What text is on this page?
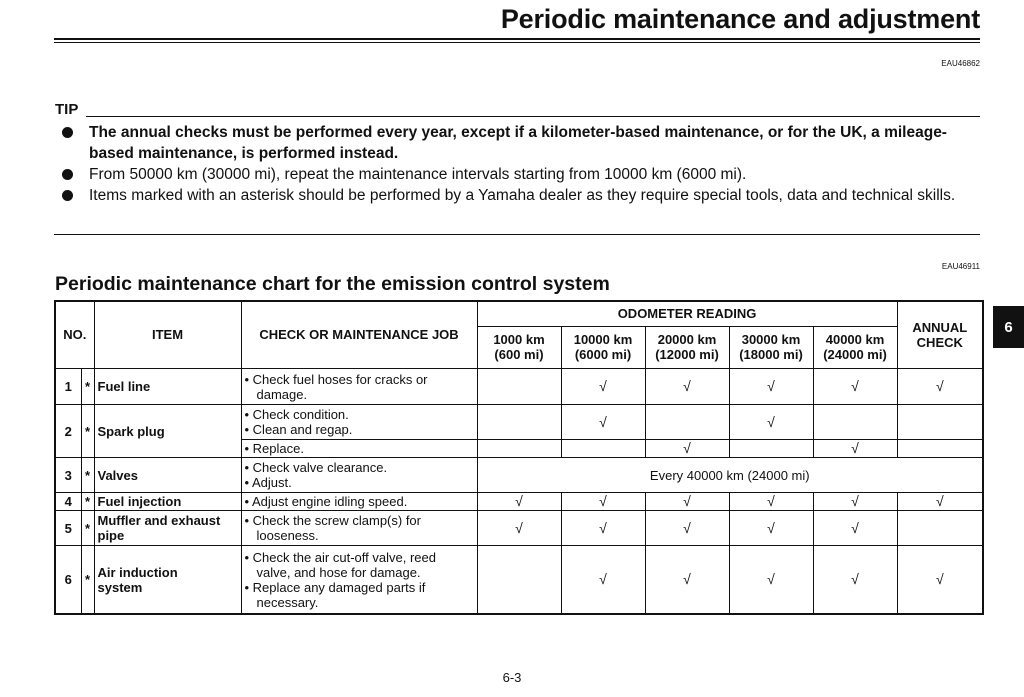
Periodic maintenance and adjustment
EAU46862
TIP
The annual checks must be performed every year, except if a kilometer-based maintenance, or for the UK, a mileage-based maintenance, is performed instead.
From 50000 km (30000 mi), repeat the maintenance intervals starting from 10000 km (6000 mi).
Items marked with an asterisk should be performed by a Yamaha dealer as they require special tools, data and technical skills.
EAU46911
Periodic maintenance chart for the emission control system
6
NO.		ITEM	CHECK OR MAINTENANCE JOB	ODOMETER READING					ANNUAL
CHECK

				1000 km
(600 mi)	10000 km
(6000 mi)	20000 km
(12000 mi)	30000 km
(18000 mi)	40000 km
(24000 mi)	

1	*	Fuel line	• Check fuel hoses for cracks or
damage.		√	√	√	√	√
2	*	Spark plug	• Check condition.
• Clean and regap.		√		√		
			• Replace.			√		√	
3	*	Valves	• Check valve clearance.
• Adjust.	Every 40000 km (24000 mi)					
4	*	Fuel injection	• Adjust engine idling speed.	√	√	√	√	√	√
5	*	Muffler and exhaust
pipe	• Check the screw clamp(s) for
looseness.	√	√	√	√	√	
6	*	Air induction
system	• Check the air cut-off valve, reed
valve, and hose for damage.
• Replace any damaged parts if
necessary.		√	√	√	√	√
6-3
